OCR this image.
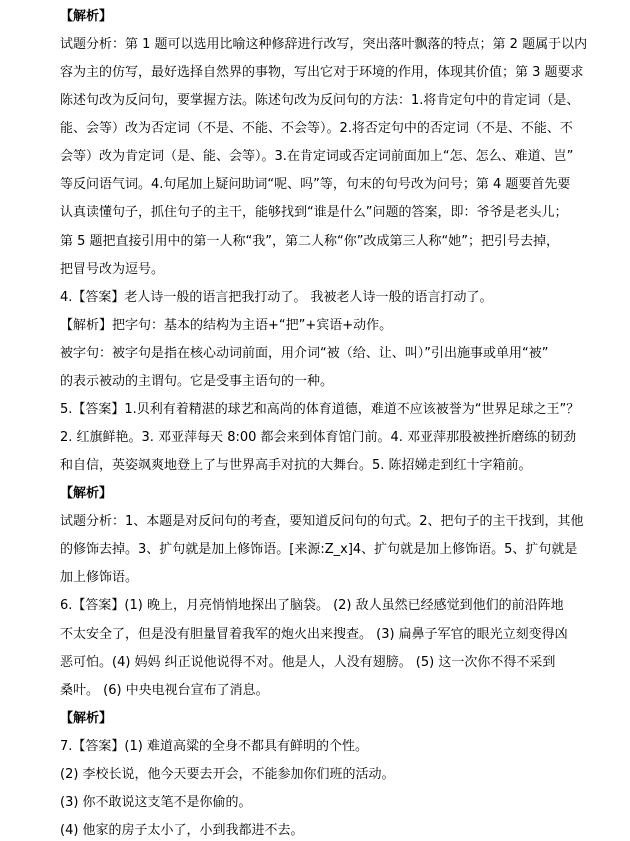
【解析】
试题分析：第 1 题可以选用比喻这种修辞进行改写，突出落叶飘落的特点；第 2 题属于以内
容为主的仿写，最好选择自然界的事物，写出它对于环境的作用，体现其价值；第 3 题要求
陈述句改为反问句，要掌握方法。陈述句改为反问句的方法：1.将肯定句中的肯定词（是、
能、会等）改为否定词（不是、不能、不会等）。2.将否定句中的否定词（不是、不能、不
会等）改为肯定词（是、能、会等）。3.在肯定词或否定词前面加上“怎、怎么、难道、岂”
等反问语气词。4.句尾加上疑问助词“呢、吗”等，句末的句号改为问号；第 4 题要首先要
认真读懂句子，抓住句子的主干，能够找到“谁是什么”问题的答案，即：爷爷是老头儿；
第 5 题把直接引用中的第一人称“我”，第二人称“你”改成第三人称“她”；把引号去掉，
把冒号改为逗号。
4.【答案】老人诗一般的语言把我打动了。 我被老人诗一般的语言打动了。
【解析】把字句：基本的结构为主语+“把”+宾语+动作。
被字句：被字句是指在核心动词前面，用介词“被（给、让、叫）”引出施事或单用“被”
的表示被动的主谓句。它是受事主语句的一种。
5.【答案】1.贝利有着精湛的球艺和高尚的体育道德，难道不应该被誉为“世界足球之王”？
2. 红旗鲜艳。3. 邓亚萍每天 8:00 都会来到体育馆门前。4. 邓亚萍那股被挫折磨练的韧劲
和自信，英姿飒爽地登上了与世界高手对抗的大舞台。5. 陈招娣走到红十字箱前。
【解析】
试题分析：1、本题是对反问句的考查，要知道反问句的句式。2、把句子的主干找到，其他
的修饰去掉。3、扩句就是加上修饰语。[来源:Z_x]4、扩句就是加上修饰语。5、扩句就是
加上修饰语。
6.【答案】(1) 晚上，月亮悄悄地探出了脑袋。 (2) 敌人虽然已经感觉到他们的前沿阵地
不太安全了，但是没有胆量冒着我军的炮火出来搜查。 (3) 扁鼻子军官的眼光立刻变得凶
恶可怕。(4) 妈妈 纠正说他说得不对。他是人，人没有翅膀。 (5) 这一次你不得不采到
桑叶。 (6) 中央电视台宣布了消息。
【解析】
7.【答案】(1) 难道高粱的全身不都具有鲜明的个性。
(2) 李校长说，他今天要去开会，不能参加你们班的活动。
(3) 你不敢说这支笔不是你偷的。
(4) 他家的房子太小了，小到我都进不去。
